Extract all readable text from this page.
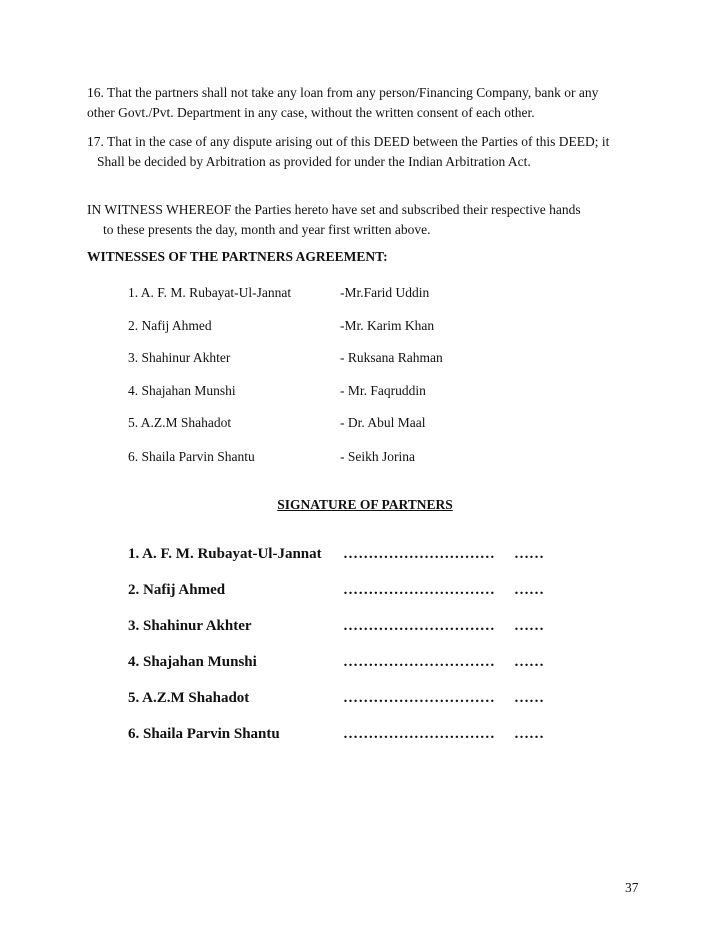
16. That the partners shall not take any loan from any person/Financing Company, bank or any
other Govt./Pvt. Department in any case, without the written consent of each other.
17. That in the case of any dispute arising out of this DEED between the Parties of this DEED; it
Shall be decided by Arbitration as provided for under the Indian Arbitration Act.
IN WITNESS WHEREOF the Parties hereto have set and subscribed their respective hands
to these presents the day, month and year first written above.
WITNESSES OF THE PARTNERS AGREEMENT:
1. A. F. M. Rubayat-Ul-Jannat	-Mr.Farid Uddin
2. Nafij Ahmed	-Mr. Karim Khan
3. Shahinur Akhter	- Ruksana Rahman
4. Shajahan Munshi	- Mr. Faqruddin
5. A.Z.M Shahadot	- Dr. Abul Maal
6. Shaila Parvin Shantu	- Seikh Jorina
SIGNATURE OF PARTNERS
1. A. F. M. Rubayat-Ul-Jannat ………………………… ……
2. Nafij Ahmed	………………………… ……
3. Shahinur Akhter	………………………… ……
4. Shajahan Munshi	………………………… ……
5. A.Z.M Shahadot	………………………… ……
6. Shaila Parvin Shantu	………………………… ……
37
